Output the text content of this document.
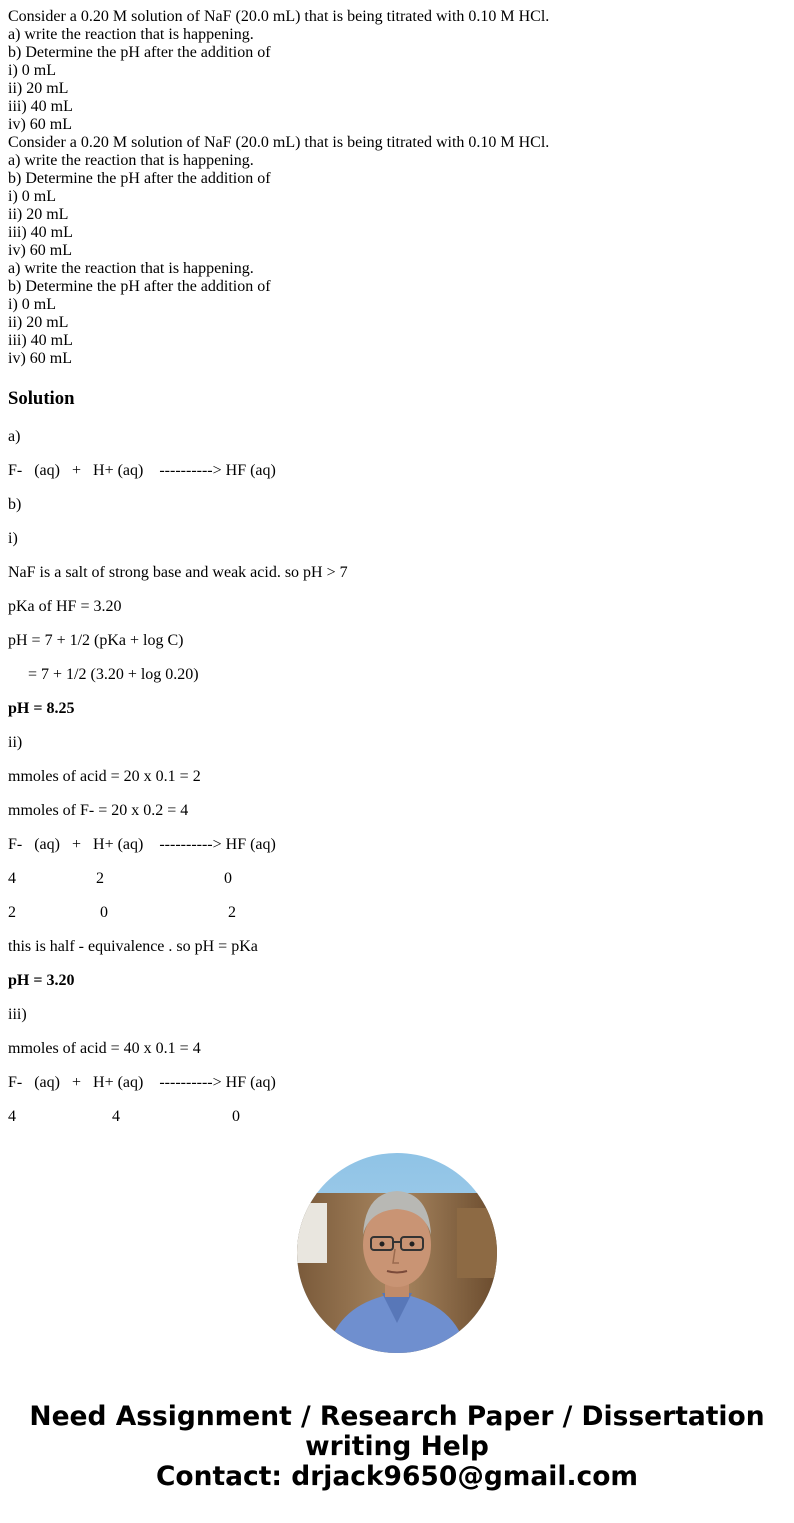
Consider a 0.20 M solution of NaF (20.0 mL) that is being titrated with 0.10 M HCl.
a) write the reaction that is happening.
b) Determine the pH after the addition of
i) 0 mL
ii) 20 mL
iii) 40 mL
iv) 60 mL
Consider a 0.20 M solution of NaF (20.0 mL) that is being titrated with 0.10 M HCl.
a) write the reaction that is happening.
b) Determine the pH after the addition of
i) 0 mL
ii) 20 mL
iii) 40 mL
iv) 60 mL
a) write the reaction that is happening.
b) Determine the pH after the addition of
i) 0 mL
ii) 20 mL
iii) 40 mL
iv) 60 mL
Solution

a)

F-   (aq)   +   H+ (aq)    ----------> HF (aq)

b)

i)

NaF is a salt of strong base and weak acid. so pH > 7

pKa of HF = 3.20

pH = 7 + 1/2 (pKa + log C)

= 7 + 1/2 (3.20 + log 0.20)

pH = 8.25

ii)

mmoles of acid = 20 x 0.1 = 2

mmoles of F- = 20 x 0.2 = 4

F-   (aq)   +   H+ (aq)    ----------> HF (aq)

4                    2                              0

2                     0                              2

this is half - equivalence . so pH = pKa

pH = 3.20

iii)

mmoles of acid = 40 x 0.1 = 4

F-   (aq)   +   H+ (aq)    ----------> HF (aq)

4                        4                            0

Need Assignment / Research Paper / Dissertation
writing Help
Contact: drjack9650@gmail.com
